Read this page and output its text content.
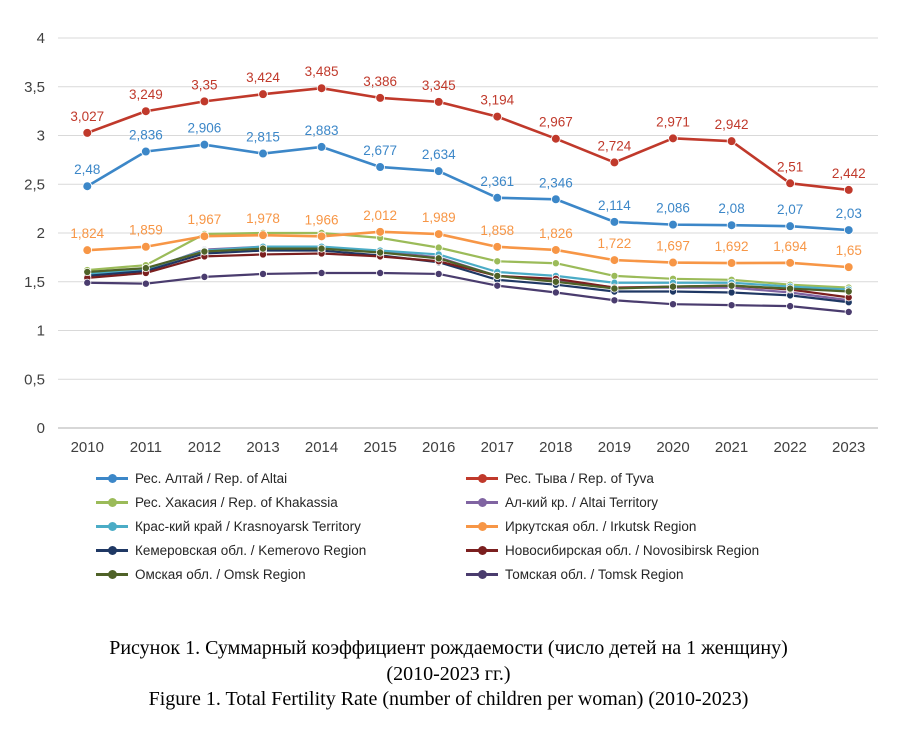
0
0,5
1
1,5
2
2,5
3
3,5
4
2010 2011 2012 2013 2014 2015 2016 2017 2018 2019 2020 2021 2022 2023
2,48
2,836 2,906
2,815 2,883
2,677 2,634
2,361 2,346
2,114 2,086 2,08 2,07 2,03
3,027
3,249
3,35 3,424 3,485
3,386 3,345
3,194
2,967
2,724
2,971 2,942
2,51 2,442
1,824 1,859
1,967 1,978 1,966 2,012 1,989
1,858 1,826
1,722 1,697 1,692 1,694 1,65
Рес. Алтай / Rep. of Altai	Рес. Тыва / Rep. of Tyva
Рес. Хакасия / Rep. of Khakassia	Ал-кий кр. / Altai Territory
Крас-кий край / Krasnoyarsk Territory	Иркутская обл. / Irkutsk Region
Кемеровская обл. / Kemerovo Region	Новосибирская обл. / Novosibirsk Region
Омская обл. / Omsk Region	Томская обл. / Tomsk Region
Рисунок 1. Суммарный коэффициент рождаемости (число детей на 1 женщину)
(2010-2023 гг.)
Figure 1. Total Fertility Rate (number of children per woman) (2010-2023)
